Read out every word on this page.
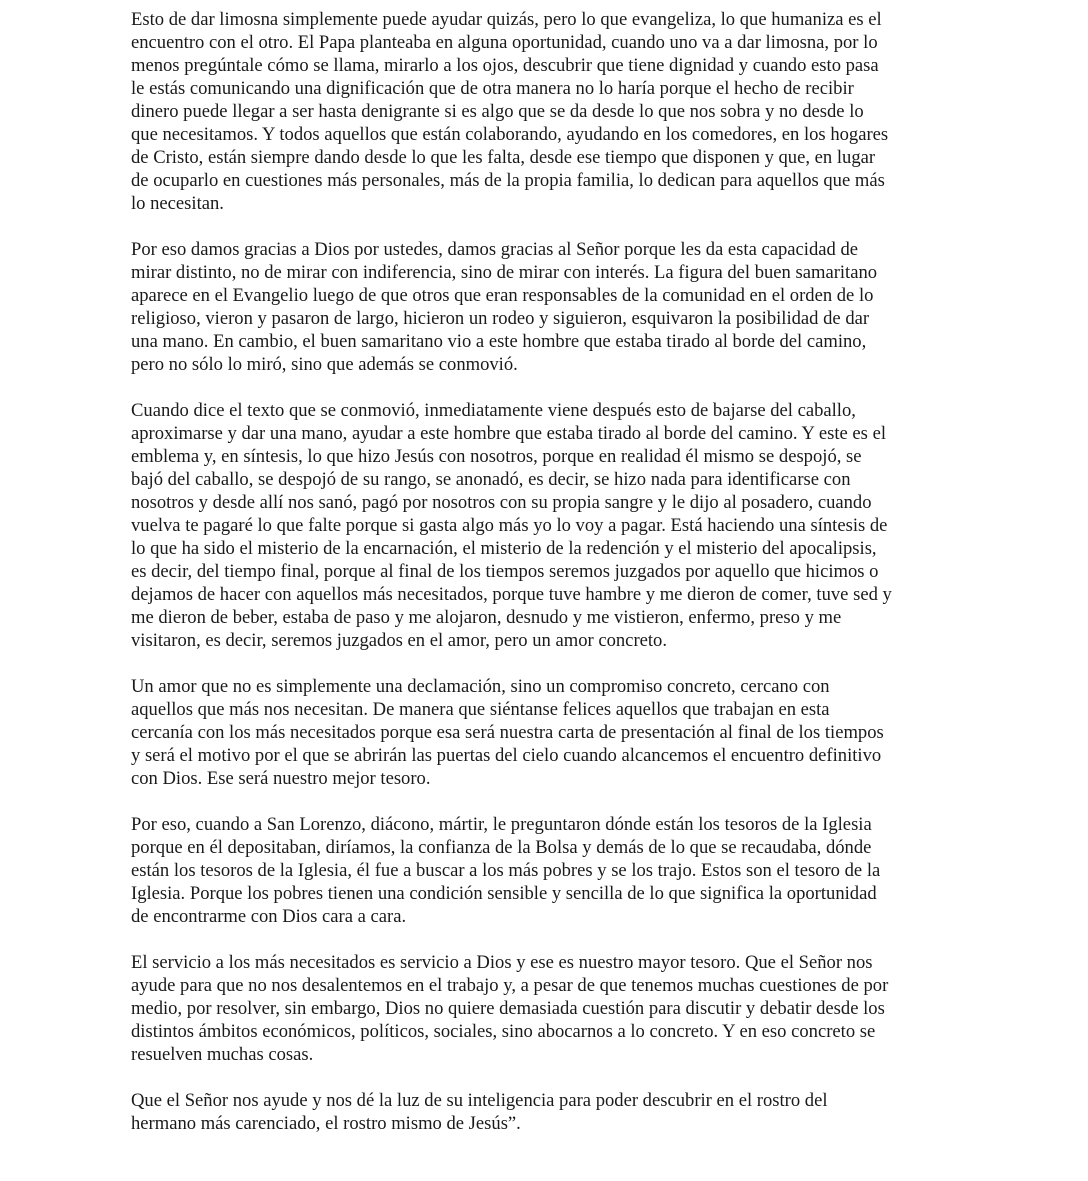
Esto de dar limosna simplemente puede ayudar quizás, pero lo que evangeliza, lo que humaniza es el
encuentro con el otro. El Papa planteaba en alguna oportunidad, cuando uno va a dar limosna, por lo
menos pregúntale cómo se llama, mirarlo a los ojos, descubrir que tiene dignidad y cuando esto pasa
le estás comunicando una dignificación que de otra manera no lo haría porque el hecho de recibir
dinero puede llegar a ser hasta denigrante si es algo que se da desde lo que nos sobra y no desde lo
que necesitamos. Y todos aquellos que están colaborando, ayudando en los comedores, en los hogares
de Cristo, están siempre dando desde lo que les falta, desde ese tiempo que disponen y que, en lugar
de ocuparlo en cuestiones más personales, más de la propia familia, lo dedican para aquellos que más
lo necesitan.

Por eso damos gracias a Dios por ustedes, damos gracias al Señor porque les da esta capacidad de
mirar distinto, no de mirar con indiferencia, sino de mirar con interés. La figura del buen samaritano
aparece en el Evangelio luego de que otros que eran responsables de la comunidad en el orden de lo
religioso, vieron y pasaron de largo, hicieron un rodeo y siguieron, esquivaron la posibilidad de dar
una mano. En cambio, el buen samaritano vio a este hombre que estaba tirado al borde del camino,
pero no sólo lo miró, sino que además se conmovió.

Cuando dice el texto que se conmovió, inmediatamente viene después esto de bajarse del caballo,
aproximarse y dar una mano, ayudar a este hombre que estaba tirado al borde del camino. Y este es el
emblema y, en síntesis, lo que hizo Jesús con nosotros, porque en realidad él mismo se despojó, se
bajó del caballo, se despojó de su rango, se anonadó, es decir, se hizo nada para identificarse con
nosotros y desde allí nos sanó, pagó por nosotros con su propia sangre y le dijo al posadero, cuando
vuelva te pagaré lo que falte porque si gasta algo más yo lo voy a pagar. Está haciendo una síntesis de
lo que ha sido el misterio de la encarnación, el misterio de la redención y el misterio del apocalipsis,
es decir, del tiempo final, porque al final de los tiempos seremos juzgados por aquello que hicimos o
dejamos de hacer con aquellos más necesitados, porque tuve hambre y me dieron de comer, tuve sed y
me dieron de beber, estaba de paso y me alojaron, desnudo y me vistieron, enfermo, preso y me
visitaron, es decir, seremos juzgados en el amor, pero un amor concreto.

Un amor que no es simplemente una declamación, sino un compromiso concreto, cercano con
aquellos que más nos necesitan. De manera que siéntanse felices aquellos que trabajan en esta
cercanía con los más necesitados porque esa será nuestra carta de presentación al final de los tiempos
y será el motivo por el que se abrirán las puertas del cielo cuando alcancemos el encuentro definitivo
con Dios. Ese será nuestro mejor tesoro.

Por eso, cuando a San Lorenzo, diácono, mártir, le preguntaron dónde están los tesoros de la Iglesia
porque en él depositaban, diríamos, la confianza de la Bolsa y demás de lo que se recaudaba, dónde
están los tesoros de la Iglesia, él fue a buscar a los más pobres y se los trajo. Estos son el tesoro de la
Iglesia. Porque los pobres tienen una condición sensible y sencilla de lo que significa la oportunidad
de encontrarme con Dios cara a cara.

El servicio a los más necesitados es servicio a Dios y ese es nuestro mayor tesoro. Que el Señor nos
ayude para que no nos desalentemos en el trabajo y, a pesar de que tenemos muchas cuestiones de por
medio, por resolver, sin embargo, Dios no quiere demasiada cuestión para discutir y debatir desde los
distintos ámbitos económicos, políticos, sociales, sino abocarnos a lo concreto. Y en eso concreto se
resuelven muchas cosas.

Que el Señor nos ayude y nos dé la luz de su inteligencia para poder descubrir en el rostro del
hermano más carenciado, el rostro mismo de Jesús”.
